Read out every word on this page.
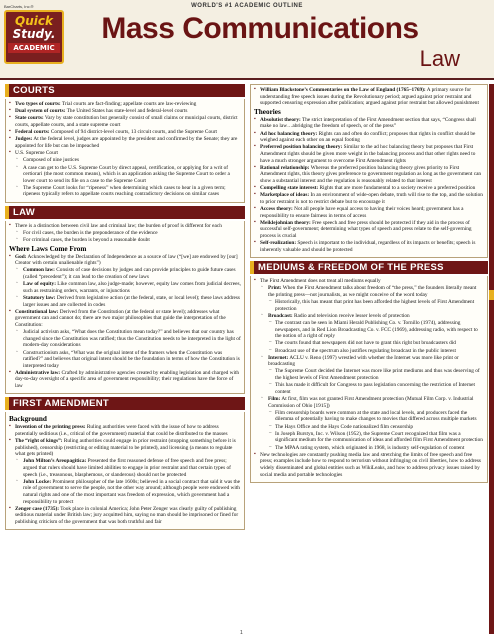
BarCharts, Inc.®
Quick
Study.
ACADEMIC
WORLD'S #1 ACADEMIC OUTLINE
Mass Communications
Law
COURTS
▪ Two types of courts: Trial courts are fact-finding; appellate courts are law-reviewing
▪ Dual system of courts: The United States has state-level and federal-level courts
▪ State courts: Vary by state constitution but generally consist of small claims or municipal courts, district courts, appellate courts, and a state supreme court
▪ Federal courts: Composed of 94 district-level courts, 13 circuit courts, and the Supreme Court
▪ Judges: At the federal level, judges are appointed by the president and confirmed by the Senate; they are appointed for life but can be impeached
▪ U.S. Supreme Court
◦ Composed of nine justices
◦ A case can get to the U.S. Supreme Court by direct appeal, certification, or applying for a writ of certiorari (the most common means), which is an application asking the Supreme Court to order a lower court to send its file on a case to the Supreme Court
◦ The Supreme Court looks for “ripeness” when determining which cases to hear in a given term; ripeness typically refers to appellate courts reaching contradictory decisions on similar cases
LAW
▪ There is a distinction between civil law and criminal law; the burden of proof is different for each
◦ For civil cases, the burden is the preponderance of the evidence
◦ For criminal cases, the burden is beyond a reasonable doubt
Where Laws Come From
▪ God: Acknowledged by the Declaration of Independence as a source of law (“[we] are endowed by [our] Creator with certain unalienable rights”)
◦ Common law: Consists of case decisions by judges and can provide principles to guide future cases (called “precedent”); it can lead to the creation of new laws
◦ Law of equity: Like common law, also judge-made; however, equity law comes from judicial decrees, such as restraining orders, warrants, or injunctions
◦ Statutory law: Derived from legislative action (at the federal, state, or local level); these laws address larger issues and are collected in codes
▪ Constitutional law: Derived from the Constitution (at the federal or state level); addresses what government can and cannot do; there are two major philosophies that guide the interpretation of the Constitution:
◦ Judicial activism asks, “What does the Constitution mean today?” and believes that our country has changed since the Constitution was ratified; thus the Constitution needs to be interpreted in the light of modern-day considerations
◦ Constructionism asks, “What was the original intent of the framers when the Constitution was ratified?” and believes that original intent should be the foundation in terms of how the Constitution is interpreted today
▪ Administrative law: Crafted by administrative agencies created by enabling legislation and charged with day-to-day oversight of a specific area of government responsibility; their regulations have the force of law
FIRST AMENDMENT
Background
▪ Invention of the printing press: Ruling authorities were faced with the issue of how to address potentially seditious (i.e., critical of the government) material that could be distributed to the masses
▪ The “right of kings”: Ruling authorities could engage in prior restraint (stopping something before it is published), censorship (restricting or editing material to be printed), and licensing (a means to regulate what gets printed)
◦ John Milton’s Areopagitica: Presented the first reasoned defense of free speech and free press; argued that rulers should have limited abilities to engage in prior restraint and that certain types of speech (i.e., treasonous, blasphemous, or slanderous) should not be protected
◦ John Locke: Prominent philosopher of the late 1600s; believed in a social contract that said it was the role of government to serve the people, not the other way around; although people were endowed with natural rights and one of the most important was freedom of expression, which government had a responsibility to protect
▪ Zenger case (1735): Took place in colonial America; John Peter Zenger was clearly guilty of publishing seditious material under British law; jury acquitted him, saying no man should be imprisoned or fined for publishing criticism of the government that was both truthful and fair
▪ William Blackstone’s Commentaries on the Law of England (1765–1769): A primary source for understanding free speech issues during the Revolutionary period; argued against prior restraint and supported censoring expression after publication; argued against prior restraint but allowed punishment
Theories
▪ Absolutist theory: The strict interpretation of the First Amendment section that says, “Congress shall make no law…abridging the freedom of speech, or of the press”
▪ Ad hoc balancing theory: Rights can and often do conflict; proposes that rights in conflict should be weighed against each other on an equal footing
▪ Preferred position balancing theory: Similar to the ad hoc balancing theory but proposes that First Amendment rights should be given more weight in the balancing process and that other rights need to have a much stronger argument to overcome First Amendment rights
▪ Rational relationship: Whereas the preferred position balancing theory gives priority to First Amendment rights, this theory gives preference to government regulation as long as the government can show a substantial interest and the regulation is reasonably related to that interest
▪ Compelling state interest: Rights that are more fundamental to a society receive a preferred position
▪ Marketplace of ideas: In an environment of wide-open debate, truth will rise to the top, and the solution to prior restraint is not to restrict debate but to encourage it
▪ Access theory: Not all people have equal access to having their voices heard; government has a responsibility to ensure fairness in terms of access
▪ Meiklejohnian theory: Free speech and free press should be protected if they aid in the process of successful self-government; determining what types of speech and press relate to the self-governing process is crucial
▪ Self-realization: Speech is important to the individual, regardless of its impacts or benefits; speech is inherently valuable and should be protected
MEDIUMS & FREEDOM OF THE PRESS
▪ The First Amendment does not treat all mediums equally
◦ Print: When the First Amendment talks about freedom of “the press,” the founders literally meant the printing press—not journalists, as we might conceive of the word today
– Historically, this has meant that print has been afforded the highest levels of First Amendment protection
◦ Broadcast: Radio and television receive lesser levels of protection
– The contrast can be seen in Miami Herald Publishing Co. v. Tornillo (1974), addressing newspapers, and in Red Lion Broadcasting Co. v. FCC (1969), addressing radio, with respect to the notion of a right of reply
– The courts found that newspapers did not have to grant this right but broadcasters did
– Broadcast use of the spectrum also justifies regulating broadcast in the public interest
◦ Internet: ACLU v. Reno (1997) wrestled with whether the Internet was more like print or broadcasting
– The Supreme Court decided the Internet was more like print mediums and thus was deserving of the highest levels of First Amendment protection
– This has made it difficult for Congress to pass legislation concerning the restriction of Internet content
◦ Film: At first, film was not granted First Amendment protection (Mutual Film Corp. v. Industrial Commission of Ohio [1915])
– Film censorship boards were common at the state and local levels, and producers faced the dilemma of potentially having to make changes to movies that differed across multiple markets
– The Hays Office and the Hays Code nationalized film censorship
– In Joseph Burstyn, Inc. v. Wilson (1952), the Supreme Court recognized that film was a significant medium for the communication of ideas and afforded film First Amendment protection
– The MPAA rating system, which originated in 1968, is industry self-regulation of content
▪ New technologies are constantly pushing media law and stretching the limits of free speech and free press; examples include how to respond to terrorism without infringing on civil liberties, how to address widely disseminated and global entities such as WikiLeaks, and how to address privacy issues raised by social media and portable technologies
1
